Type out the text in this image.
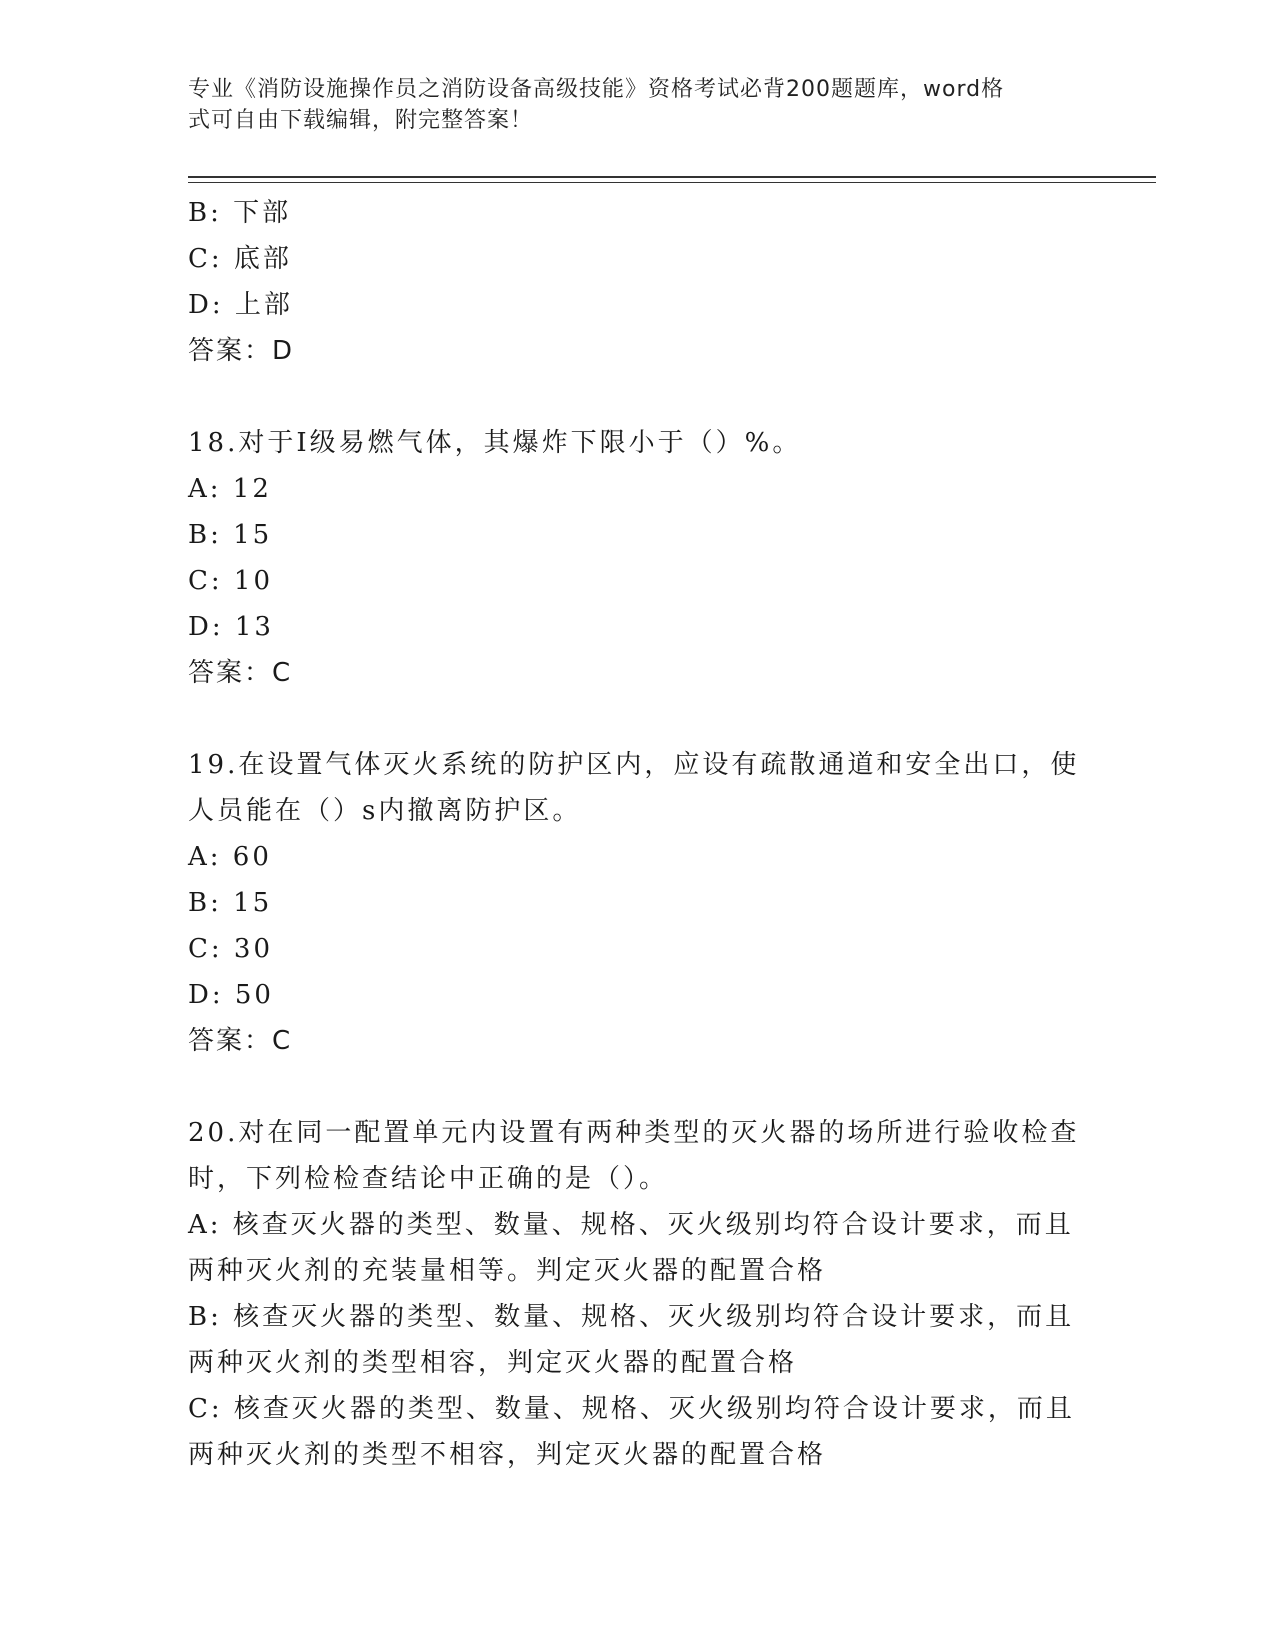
专业《消防设施操作员之消防设备高级技能》资格考试必背200题题库，word格
式可自由下载编辑，附完整答案！
B: 下部
C: 底部
D: 上部
答案：D
18.对于Ⅰ级易燃气体，其爆炸下限小于（）%。
A: 12
B: 15
C: 10
D: 13
答案：C
19.在设置气体灭火系统的防护区内，应设有疏散通道和安全出口，使
人员能在（）s内撤离防护区。
A: 60
B: 15
C: 30
D: 50
答案：C
20.对在同一配置单元内设置有两种类型的灭火器的场所进行验收检查
时，下列检检查结论中正确的是（）。
A: 核查灭火器的类型、数量、规格、灭火级别均符合设计要求，而且
两种灭火剂的充装量相等。判定灭火器的配置合格
B: 核查灭火器的类型、数量、规格、灭火级别均符合设计要求，而且
两种灭火剂的类型相容，判定灭火器的配置合格
C: 核查灭火器的类型、数量、规格、灭火级别均符合设计要求，而且
两种灭火剂的类型不相容，判定灭火器的配置合格
